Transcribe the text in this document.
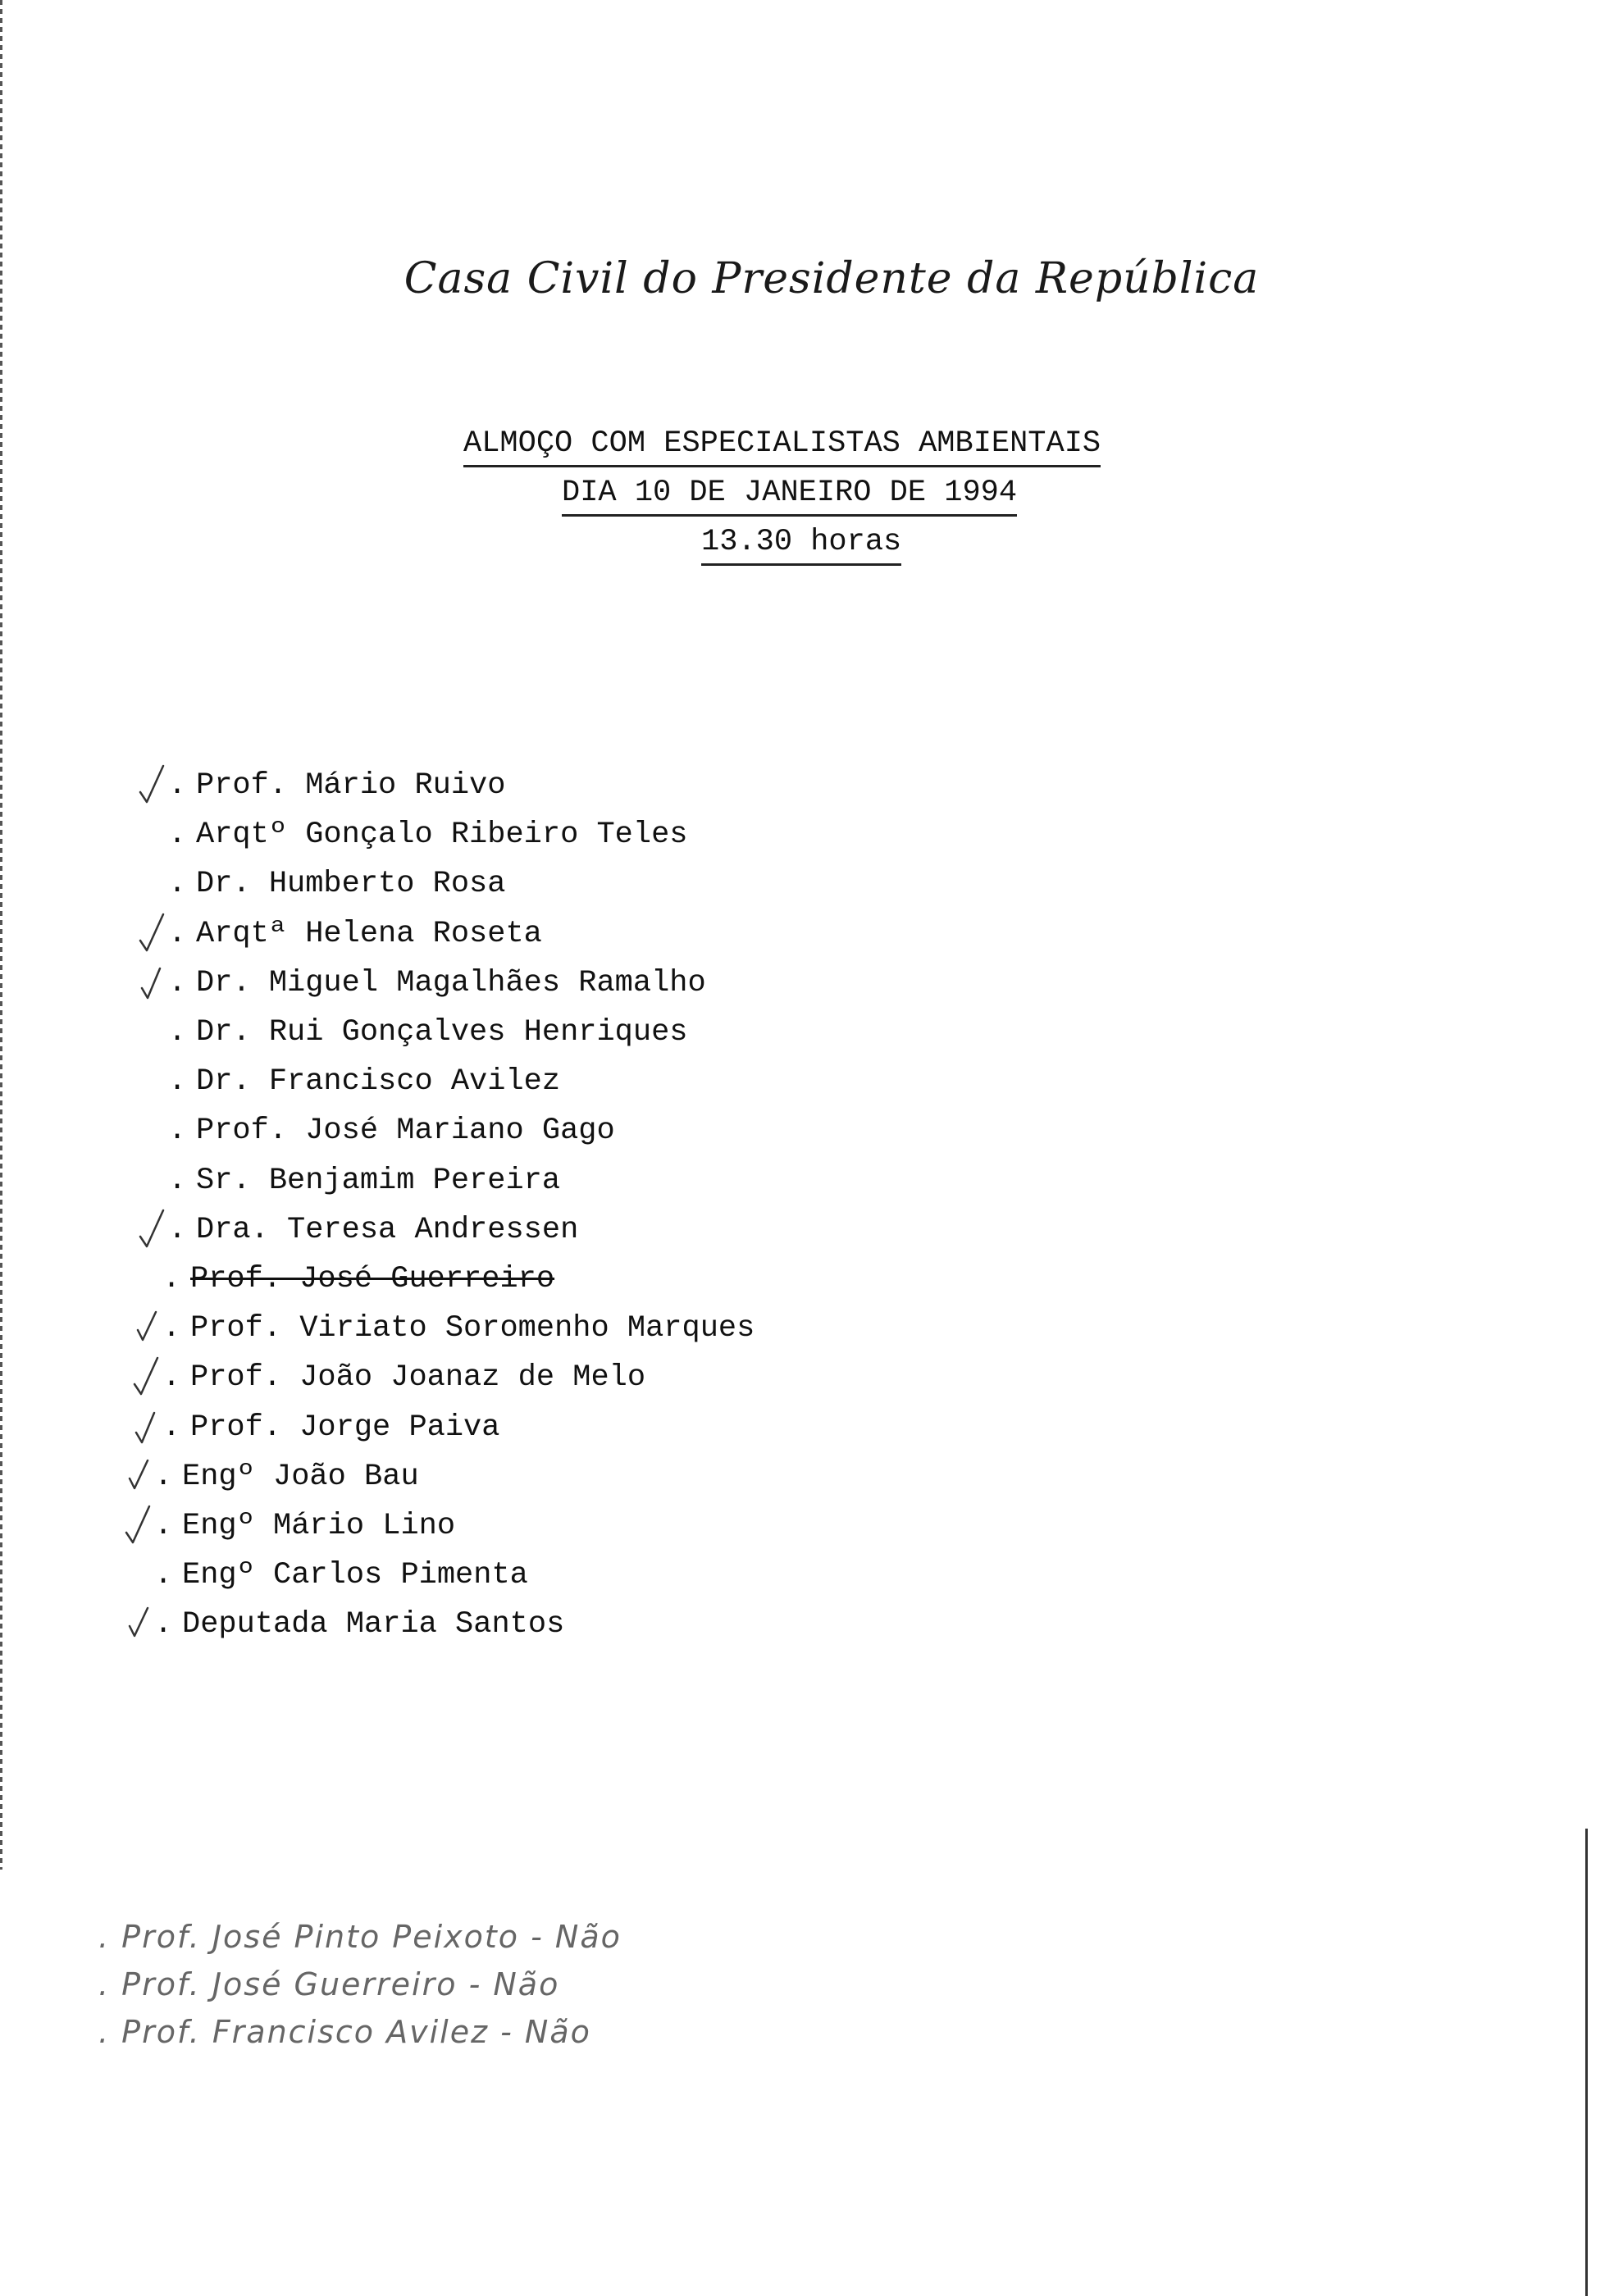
Casa Civil do Presidente da República
ALMOÇO COM ESPECIALISTAS AMBIENTAIS
DIA 10 DE JANEIRO DE 1994
13.30 horas
. Prof. Mário Ruivo
. Arqtº Gonçalo Ribeiro Teles
. Dr. Humberto Rosa
. Arqtª Helena Roseta
. Dr. Miguel Magalhães Ramalho
. Dr. Rui Gonçalves Henriques
. Dr. Francisco Avilez
. Prof. José Mariano Gago
. Sr. Benjamim Pereira
. Dra. Teresa Andressen
. Prof. José Guerreiro
. Prof. Viriato Soromenho Marques
. Prof. João Joanaz de Melo
. Prof. Jorge Paiva
. Engº João Bau
. Engº Mário Lino
. Engº Carlos Pimenta
. Deputada Maria Santos
. Prof. José Pinto Peixoto - Não
. Prof. José Guerreiro - Não
. Prof. Francisco Avilez - Não
